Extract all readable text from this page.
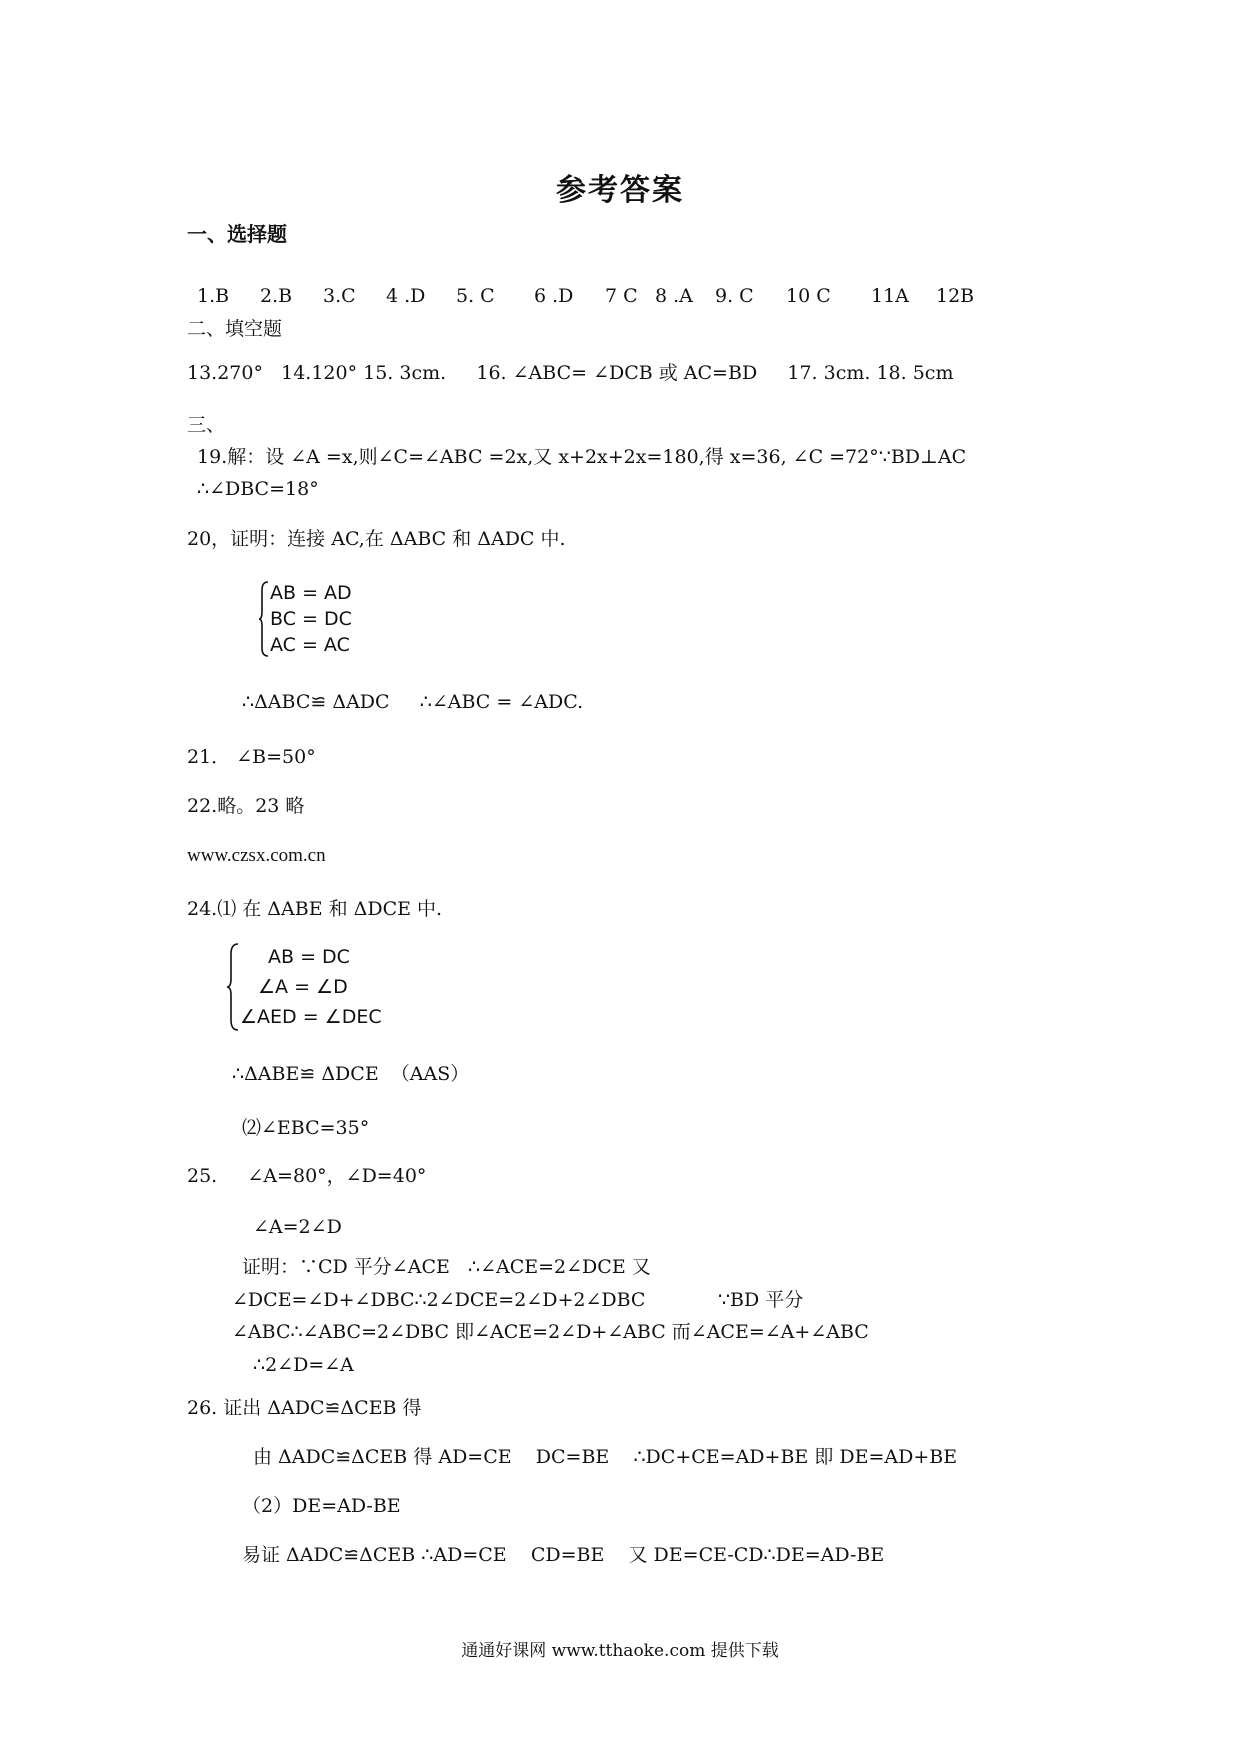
参考答案
一、选择题
1.B 2.B 3.C 4 .D 5. C 6 .D 7 C 8 .A 9. C 10 C 11A 12B
二、填空题
13.270°   14.120° 15. 3cm.     16. ∠ABC= ∠DCB 或 AC=BD     17. 3cm. 18. 5cm
三、
19.解：设 ∠A =x,则∠C=∠ABC =2x,又 x+2x+2x=180,得 x=36, ∠C =72°∵BD⊥AC
∴∠DBC=18°
20，证明：连接 AC,在 ΔABC 和 ΔADC 中.
AB = AD
BC = DC
AC = AC
∴ΔABC≌ ΔADC     ∴∠ABC = ∠ADC.
21． ∠B=50°
22.略。23 略
www.czsx.com.cn
24.⑴ 在 ΔABE 和 ΔDCE 中.
AB = DC
∠A = ∠D
∠AED = ∠DEC
∴ΔABE≌ ΔDCE  （AAS）
⑵∠EBC=35°
25.     ∠A=80°，∠D=40°
∠A=2∠D
证明：∵CD 平分∠ACE   ∴∠ACE=2∠DCE 又
∠DCE=∠D+∠DBC∴2∠DCE=2∠D+2∠DBC            ∵BD 平分
∠ABC∴∠ABC=2∠DBC 即∠ACE=2∠D+∠ABC 而∠ACE=∠A+∠ABC
∴2∠D=∠A
26. 证出 ΔADC≌ΔCEB 得
由 ΔADC≌ΔCEB 得 AD=CE    DC=BE    ∴DC+CE=AD+BE 即 DE=AD+BE
（2）DE=AD-BE
易证 ΔADC≌ΔCEB ∴AD=CE    CD=BE    又 DE=CE-CD∴DE=AD-BE
通通好课网 www.tthaoke.com 提供下载
